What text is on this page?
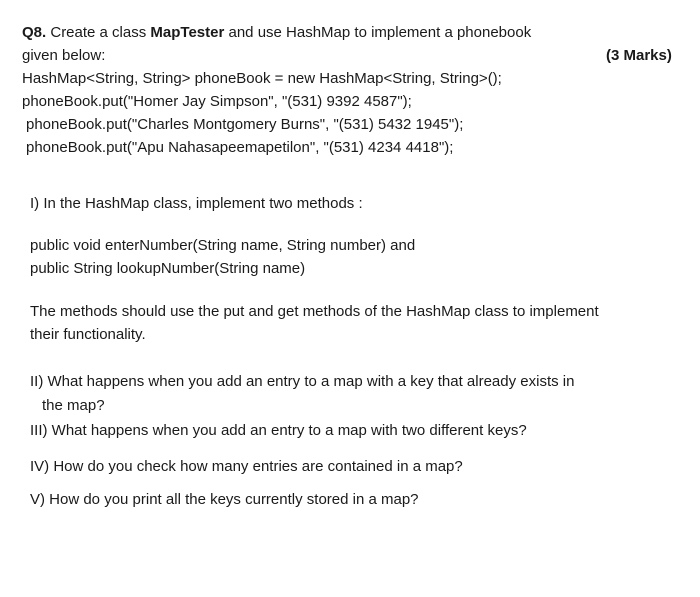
Q8. Create a class MapTester and use HashMap to implement a phonebook
given below:	(3 Marks)
HashMap<String, String> phoneBook = new HashMap<String, String>();
phoneBook.put("Homer Jay Simpson", "(531) 9392 4587");
phoneBook.put("Charles Montgomery Burns", "(531) 5432 1945");
phoneBook.put("Apu Nahasapeemapetilon", "(531) 4234 4418");
I) In the HashMap class, implement two methods :
public void enterNumber(String name, String number) and
public String lookupNumber(String name)
The methods should use the put and get methods of the HashMap class to implement
their functionality.
II) What happens when you add an entry to a map with a key that already exists in
the map?
III) What happens when you add an entry to a map with two different keys?
IV) How do you check how many entries are contained in a map?
V) How do you print all the keys currently stored in a map?
